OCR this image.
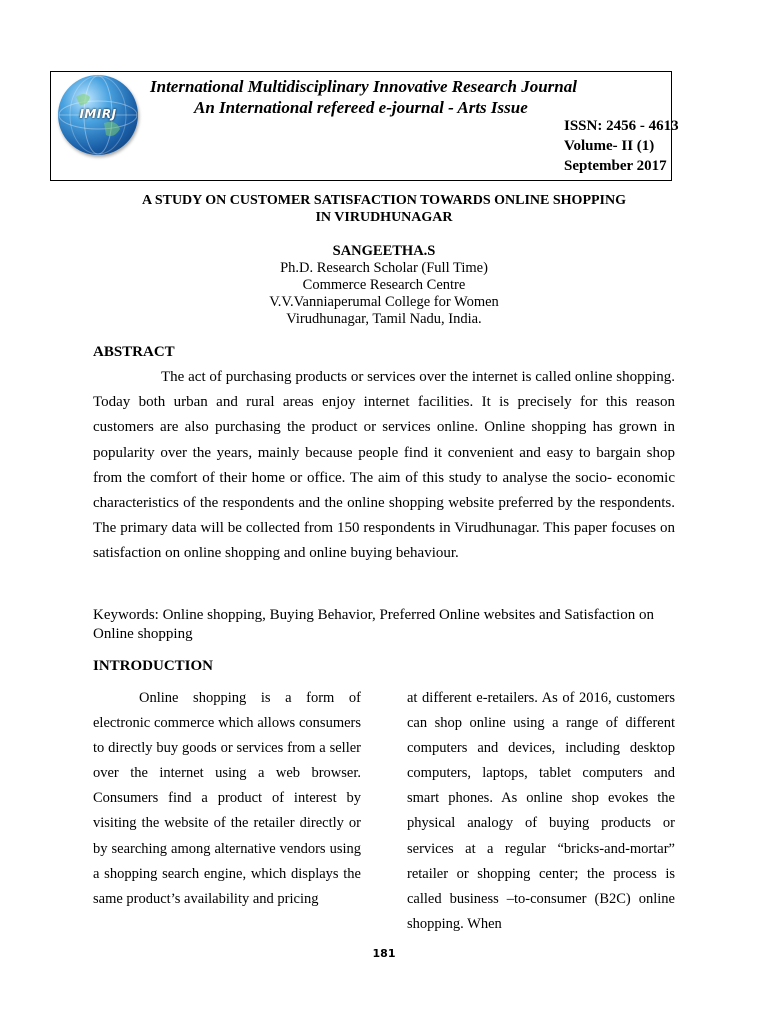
IMIRJ
International Multidisciplinary Innovative Research Journal
An International refereed e-journal - Arts Issue
ISSN: 2456 - 4613
Volume- II (1)
September 2017
A STUDY ON CUSTOMER SATISFACTION TOWARDS ONLINE SHOPPING
IN VIRUDHUNAGAR
SANGEETHA.S
Ph.D. Research Scholar (Full Time)
Commerce Research Centre
V.V.Vanniaperumal College for Women
Virudhunagar, Tamil Nadu, India.
ABSTRACT

The act of purchasing products or services over the internet is called online shopping. Today both urban and rural areas enjoy internet facilities. It is precisely for this reason customers are also purchasing the product or services online. Online shopping has grown in popularity over the years, mainly because people find it convenient and easy to bargain shop from the comfort of their home or office. The aim of this study to analyse the socio- economic characteristics of the respondents and the online shopping website preferred by the respondents. The primary data will be collected from 150 respondents in Virudhunagar. This paper focuses on satisfaction on online shopping and online buying behaviour.

Keywords: Online shopping, Buying Behavior, Preferred Online websites and Satisfaction on Online shopping

INTRODUCTION

Online shopping is a form of electronic commerce which allows consumers to directly buy goods or services from a seller over the internet using a web browser. Consumers find a product of interest by visiting the website of the retailer directly or by searching among alternative vendors using a shopping search engine, which displays the same product’s availability and pricing

at different e-retailers. As of 2016, customers can shop online using a range of different computers and devices, including desktop computers, laptops, tablet computers and smart phones. As online shop evokes the physical analogy of buying products or services at a regular “bricks-and-mortar” retailer or shopping center; the process is called business –to-consumer (B2C) online shopping. When

181
